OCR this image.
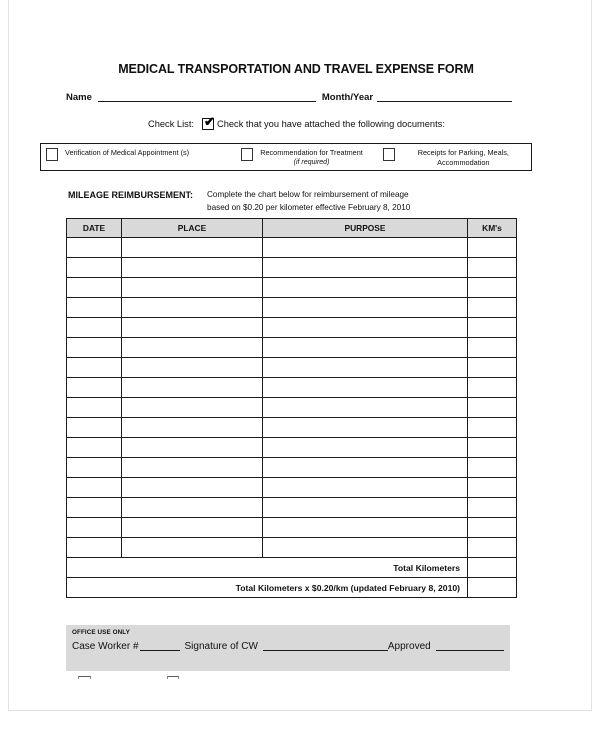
MEDICAL TRANSPORTATION AND TRAVEL EXPENSE FORM
Name	Month/Year
Check List: ✔ Check that you have attached the following documents:
Verification of Medical Appointment (s)	Recommendation for Treatment
(if required)
Receipts for Parking, Meals, Accommodation
MILEAGE REIMBURSEMENT: Complete the chart below for reimbursement of mileage
based on $0.20 per kilometer effective February 8, 2010
DATE	PLACE	PURPOSE	KM's

Total Kilometers			
Total Kilometers x $0.20/km (updated February 8, 2010)			
OFFICE USE ONLY
Case Worker #	Signature of CW	Approved
